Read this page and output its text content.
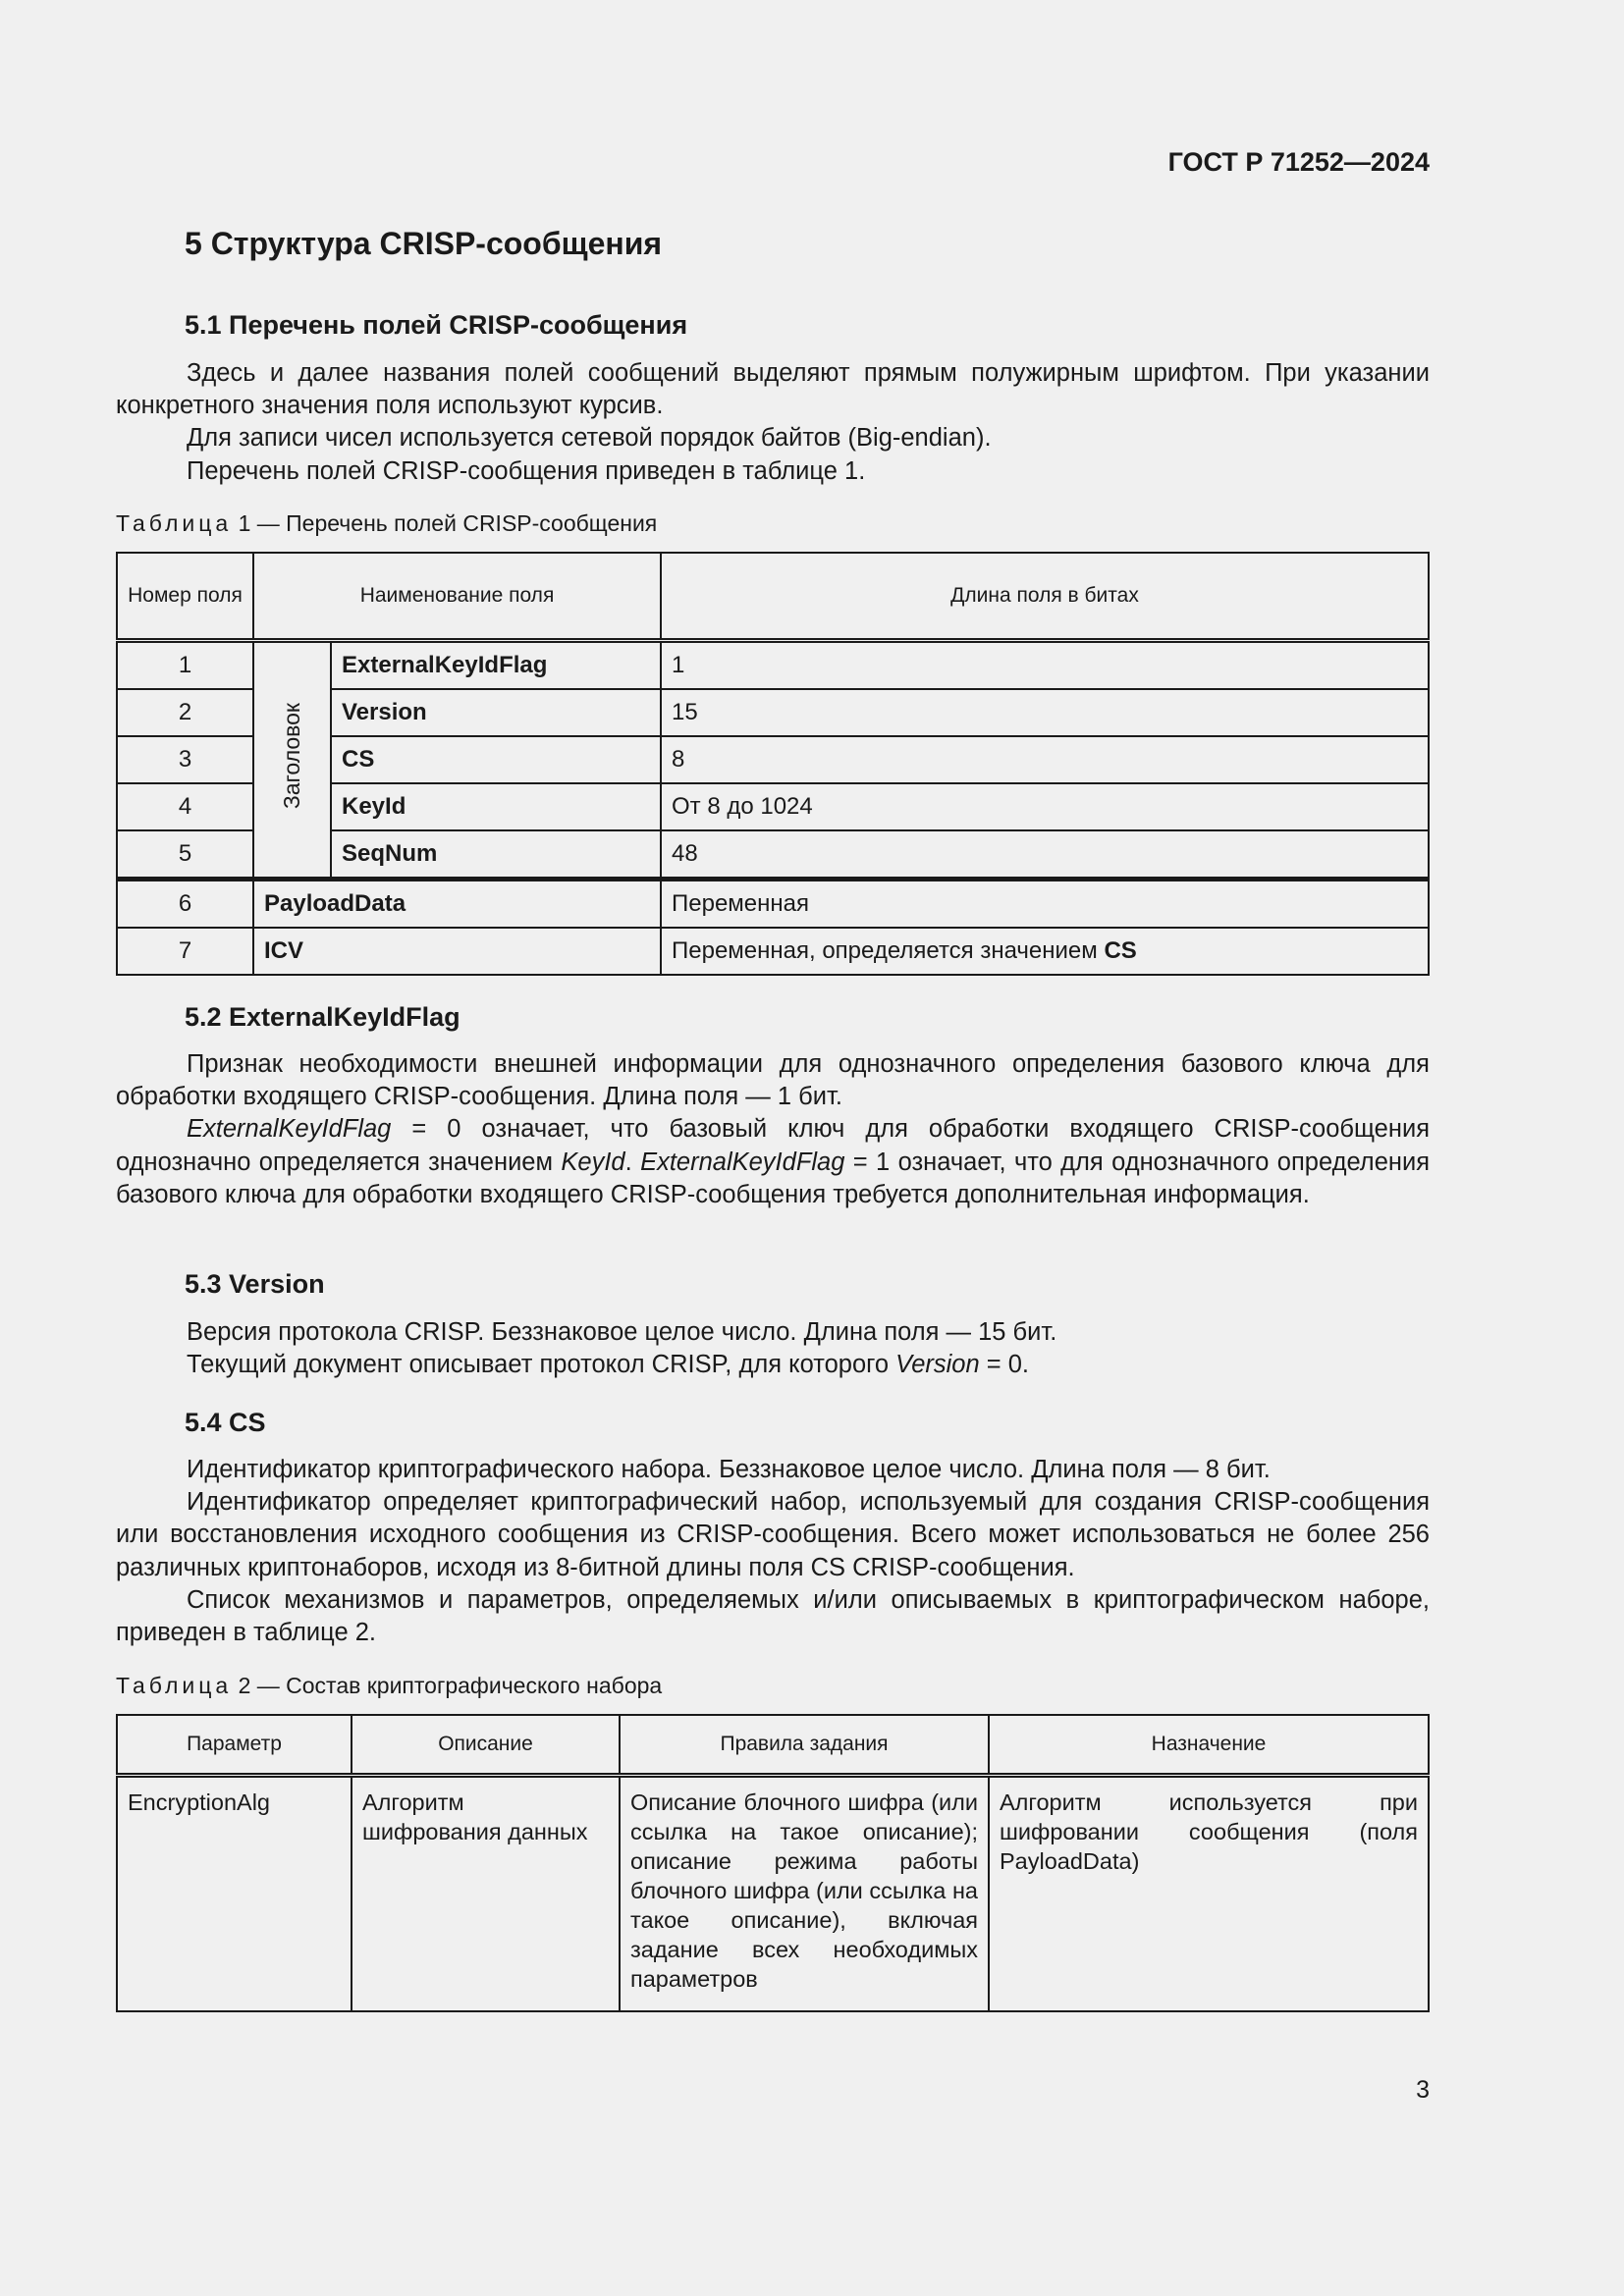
ГОСТ Р 71252—2024
5 Структура CRISP-сообщения
5.1 Перечень полей CRISP-сообщения

Здесь и далее названия полей сообщений выделяют прямым полужирным шрифтом. При указании конкретного значения поля используют курсив.

Для записи чисел используется сетевой порядок байтов (Big-endian).

Перечень полей CRISP-сообщения приведен в таблице 1.

Таблица 1 — Перечень полей CRISP-сообщения
Номер поля	Наименование поля		Длина поля в битах
1	Заголовок	ExternalKeyIdFlag	1
2		Version	15
3		CS	8
4		KeyId	От 8 до 1024
5		SeqNum	48
6	PayloadData		Переменная
7	ICV		Переменная, определяется значением CS
5.2 ExternalKeyIdFlag

Признак необходимости внешней информации для однозначного определения базового ключа для обработки входящего CRISP-сообщения. Длина поля — 1 бит.

ExternalKeyIdFlag = 0 означает, что базовый ключ для обработки входящего CRISP-сообщения однозначно определяется значением KeyId. ExternalKeyIdFlag = 1 означает, что для однозначного определения базового ключа для обработки входящего CRISP-сообщения требуется дополнительная информация.

5.3 Version

Версия протокола CRISP. Беззнаковое целое число. Длина поля — 15 бит.

Текущий документ описывает протокол CRISP, для которого Version = 0.

5.4 CS

Идентификатор криптографического набора. Беззнаковое целое число. Длина поля — 8 бит.

Идентификатор определяет криптографический набор, используемый для создания CRISP-сообщения или восстановления исходного сообщения из CRISP-сообщения. Всего может использоваться не более 256 различных криптонаборов, исходя из 8-битной длины поля CS CRISP-сообщения.

Список механизмов и параметров, определяемых и/или описываемых в криптографическом наборе, приведен в таблице 2.

Таблица 2 — Состав криптографического набора
Параметр	Описание	Правила задания	Назначение
EncryptionAlg	Алгоритм шифрования данных	Описание блочного шифра (или ссылка на такое описание); описание режима работы блочного шифра (или ссылка на такое описание), включая задание всех необходимых параметров	Алгоритм используется при шифровании сообщения (поля PayloadData)
3
